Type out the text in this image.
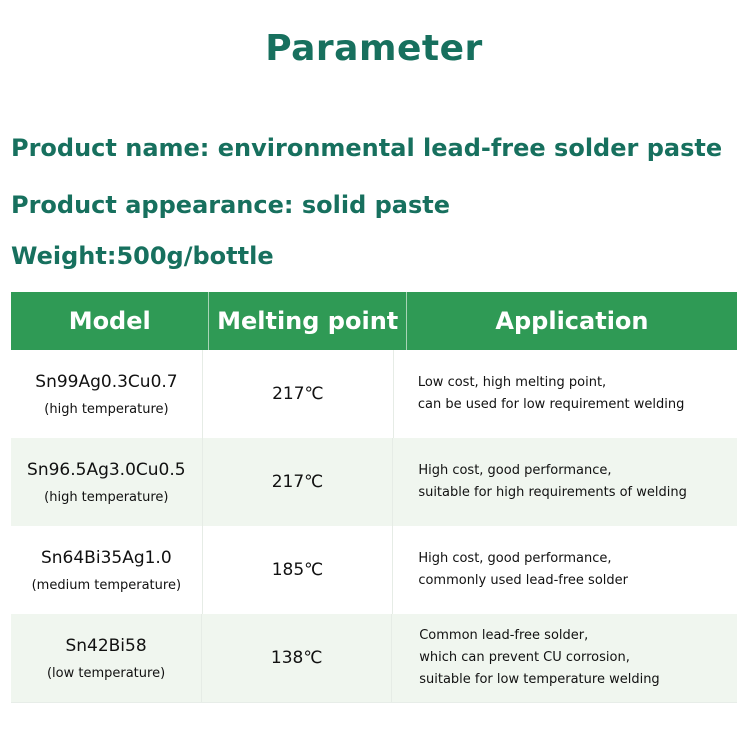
Parameter
Product name: environmental lead-free solder paste
Product appearance: solid paste
Weight:500g/bottle
Model	Melting point	Application
Sn99Ag0.3Cu0.7
(high temperature)
217℃
Low cost, high melting point,
can be used for low requirement welding
Sn96.5Ag3.0Cu0.5
(high temperature)
217℃
High cost, good performance,
suitable for high requirements of welding
Sn64Bi35Ag1.0
(medium temperature)
185℃
High cost, good performance,
commonly used lead-free solder
Sn42Bi58
(low temperature)
138℃
Common lead-free solder,
which can prevent CU corrosion,
suitable for low temperature welding
